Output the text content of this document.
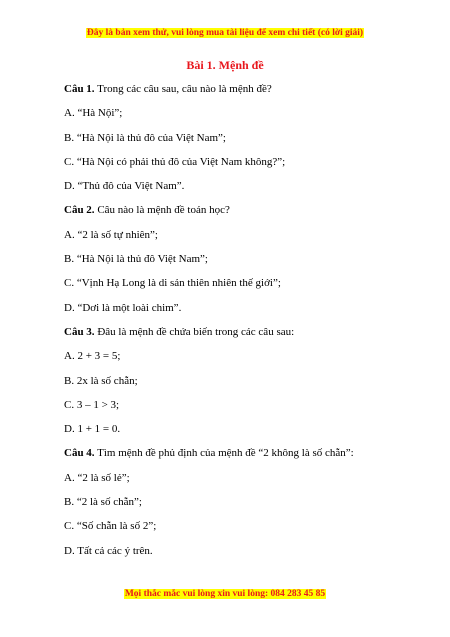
Đây là bản xem thử, vui lòng mua tài liệu để xem chi tiết (có lời giải)
Bài 1. Mệnh đề
Câu 1. Trong các câu sau, câu nào là mệnh đề?
A. “Hà Nội”;
B. “Hà Nội là thủ đô của Việt Nam”;
C. “Hà Nội có phải thủ đô của Việt Nam không?”;
D. “Thủ đô của Việt Nam”.
Câu 2. Câu nào là mệnh đề toán học?
A. “2 là số tự nhiên”;
B. “Hà Nội là thủ đô Việt Nam”;
C. “Vịnh Hạ Long là di sản thiên nhiên thế giới”;
D. “Dơi là một loài chim”.
Câu 3. Đâu là mệnh đề chứa biến trong các câu sau:
A. 2 + 3 = 5;
B. 2x là số chẵn;
C. 3 – 1 > 3;
D. 1 + 1 = 0.
Câu 4. Tìm mệnh đề phủ định của mệnh đề “2 không là số chẵn”:
A. “2 là số lẻ”;
B. “2 là số chẵn”;
C. “Số chẵn là số 2”;
D. Tất cả các ý trên.
Mọi thắc mắc vui lòng xin vui lòng: 084 283 45 85
